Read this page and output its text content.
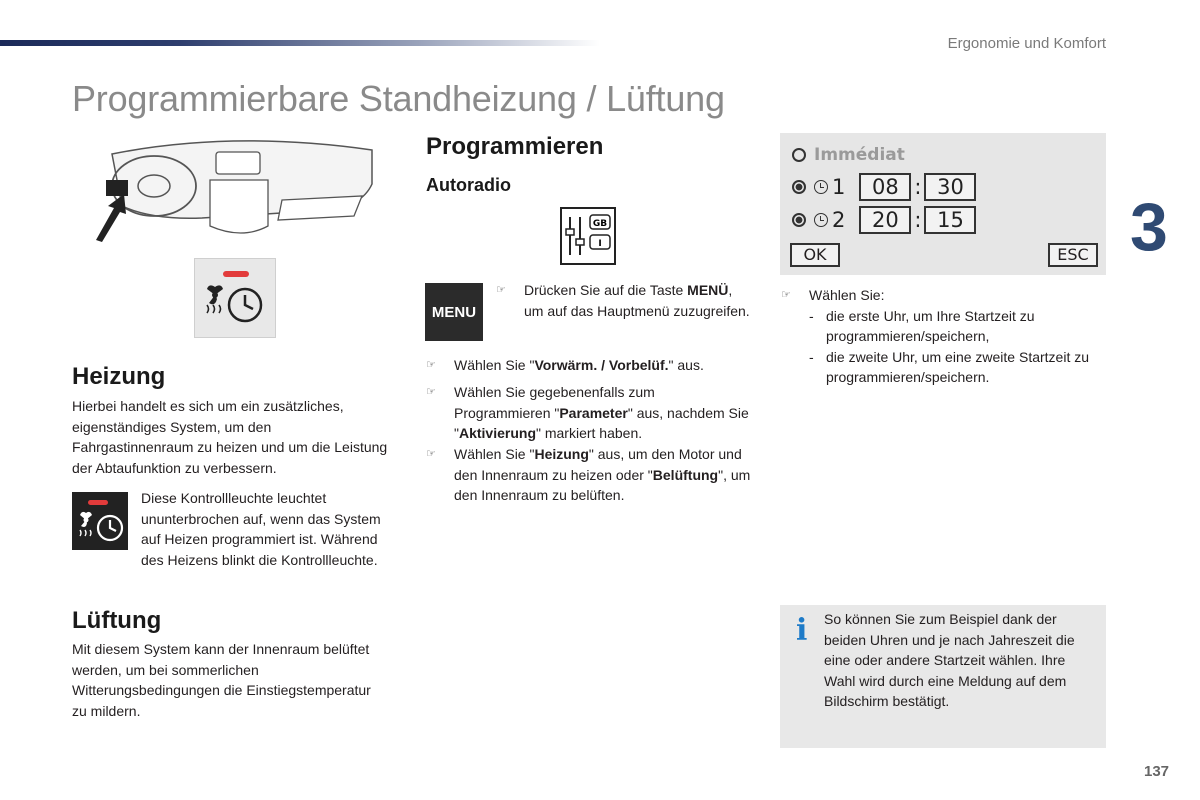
Ergonomie und Komfort
Programmierbare Standheizung / Lüftung
3
137
Heizung
Hierbei handelt es sich um ein zusätzliches, eigenständiges System, um den Fahrgastinnenraum zu heizen und um die Leistung der Abtaufunktion zu verbessern.
Diese Kontrollleuchte leuchtet ununterbrochen auf, wenn das System auf Heizen programmiert ist. Während des Heizens blinkt die Kontrollleuchte.
Lüftung
Mit diesem System kann der Innenraum belüftet werden, um bei sommerlichen Witterungsbedingungen die Einstiegstemperatur zu mildern.
Programmieren
Autoradio
GB
I
MENU
☞ Drücken Sie auf die Taste MENÜ, um auf das Hauptmenü zuzugreifen.
☞ Wählen Sie "Vorwärm. / Vorbelüf." aus.
☞ Wählen Sie gegebenenfalls zum Programmieren "Parameter" aus, nachdem Sie "Aktivierung" markiert haben.
☞ Wählen Sie "Heizung" aus, um den Motor und den Innenraum zu heizen oder "Belüftung", um den Innenraum zu belüften.
Immédiat
1	08 : 30
2	20 : 15
OK	ESC
☞ Wählen Sie:
- die erste Uhr, um Ihre Startzeit zu programmieren/speichern,
- die zweite Uhr, um eine zweite Startzeit zu programmieren/speichern.
i So können Sie zum Beispiel dank der beiden Uhren und je nach Jahreszeit die eine oder andere Startzeit wählen. Ihre Wahl wird durch eine Meldung auf dem Bildschirm bestätigt.
